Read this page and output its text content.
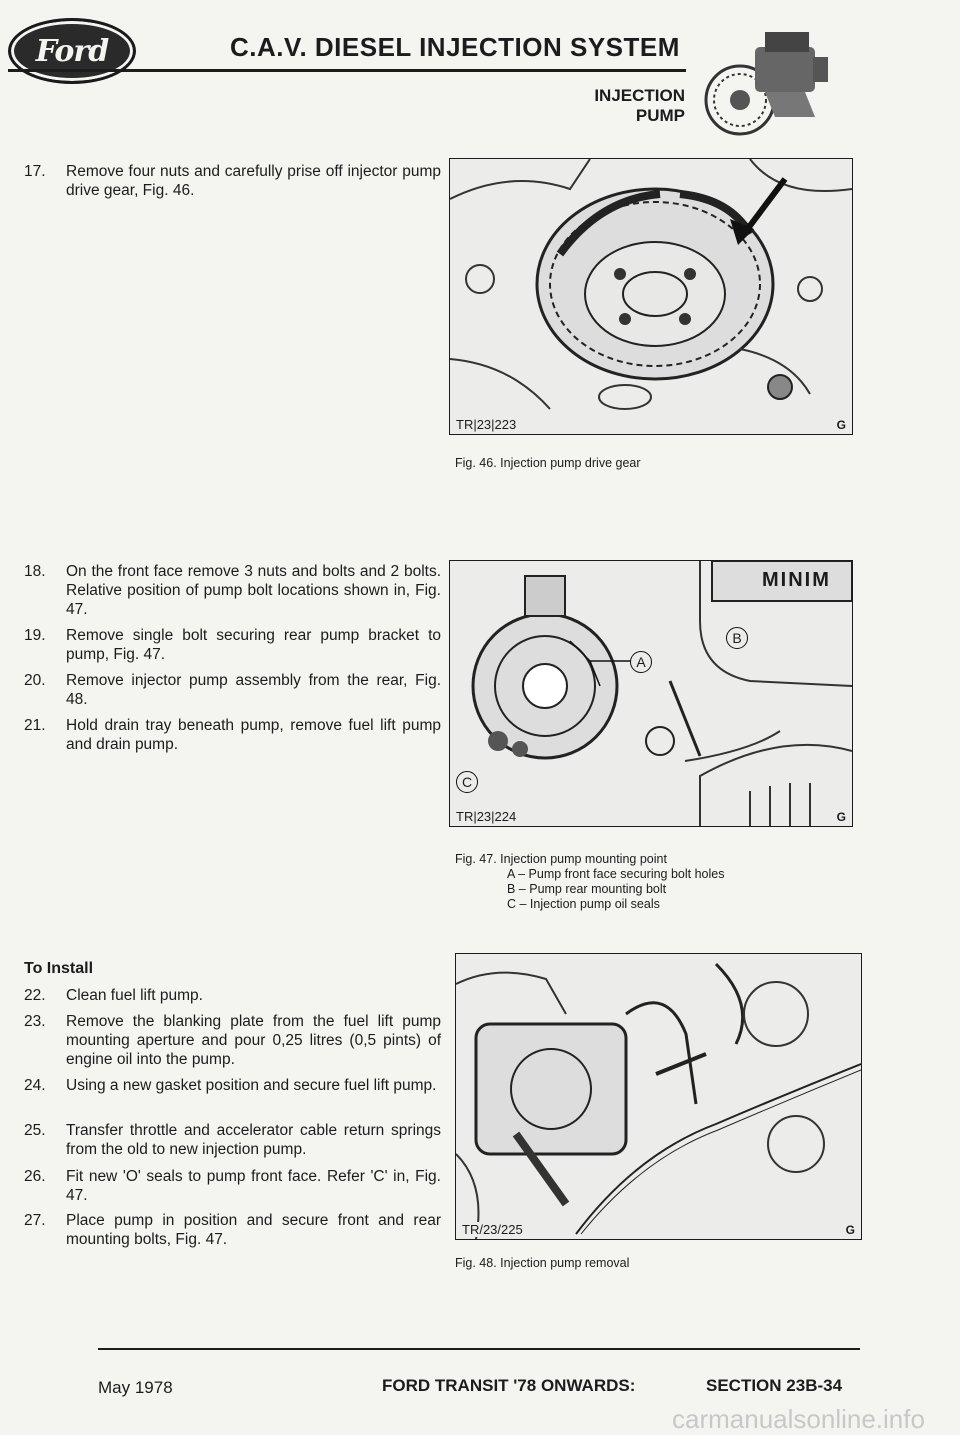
Ford	C.A.V. DIESEL INJECTION SYSTEM
INJECTION
PUMP
17.	Remove four nuts and carefully prise off injector pump drive gear, Fig. 46.
18.	On the front face remove 3 nuts and bolts and 2 bolts. Relative position of pump bolt locations shown in, Fig. 47.
19.	Remove single bolt securing rear pump bracket to pump, Fig. 47.
20.	Remove injector pump assembly from the rear, Fig. 48.
21.	Hold drain tray beneath pump, remove fuel lift pump and drain pump.
To Install
22.	Clean fuel lift pump.
23.	Remove the blanking plate from the fuel lift pump mounting aperture and pour 0,25 litres (0,5 pints) of engine oil into the pump.
24.	Using a new gasket position and secure fuel lift pump.
25.	Transfer throttle and accelerator cable return springs from the old to new injection pump.
26.	Fit new 'O' seals to pump front face. Refer 'C' in, Fig. 47.
27.	Place pump in position and secure front and rear mounting bolts, Fig. 47.
TR|23|223	G
Fig. 46. Injection pump drive gear
MINIM
A
B
C
TR|23|224	G
Fig. 47. Injection pump mounting point
A – Pump front face securing bolt holes
B – Pump rear mounting bolt
C – Injection pump oil seals
TR/23/225	G
Fig. 48. Injection pump removal
May 1978	FORD TRANSIT '78 ONWARDS:	SECTION 23B-34
carmanualsonline.info
